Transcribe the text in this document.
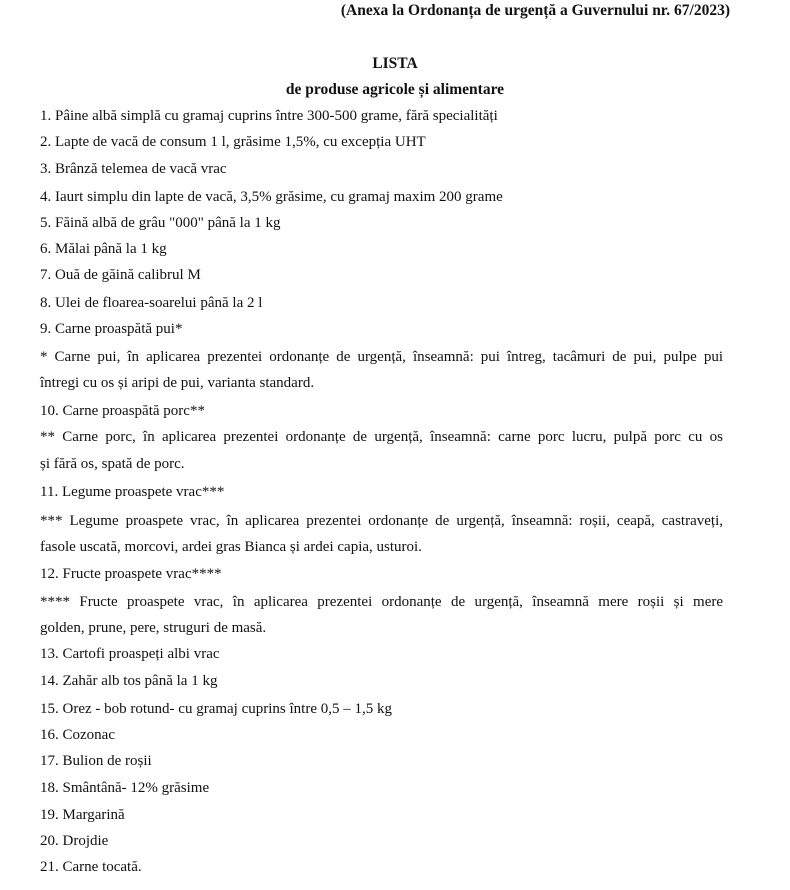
(Anexa la Ordonanța de urgență a Guvernului nr. 67/2023)
LISTA
de produse agricole și alimentare
1. Pâine albă simplă cu gramaj cuprins între 300-500 grame, fără specialități
2. Lapte de vacă de consum 1 l, grăsime 1,5%, cu excepția UHT
3. Brânză telemea de vacă vrac
4. Iaurt simplu din lapte de vacă, 3,5% grăsime, cu gramaj maxim 200 grame
5. Făină albă de grâu "000" până la 1 kg
6. Mălai până la 1 kg
7. Ouă de găină calibrul M
8. Ulei de floarea-soarelui până la 2 l
9. Carne proaspătă pui*
* Carne pui, în aplicarea prezentei ordonanțe de urgență, înseamnă: pui întreg, tacâmuri de pui, pulpe pui
întregi cu os și aripi de pui, varianta standard.
10. Carne proaspătă porc**
** Carne porc, în aplicarea prezentei ordonanțe de urgență, înseamnă: carne porc lucru, pulpă porc cu os
și fără os, spată de porc.
11. Legume proaspete vrac***
*** Legume proaspete vrac, în aplicarea prezentei ordonanțe de urgență, înseamnă: roșii, ceapă, castraveți,
fasole uscată, morcovi, ardei gras Bianca și ardei capia, usturoi.
12. Fructe proaspete vrac****
**** Fructe proaspete vrac, în aplicarea prezentei ordonanțe de urgență, înseamnă mere roșii și mere
golden, prune, pere, struguri de masă.
13. Cartofi proaspeți albi vrac
14. Zahăr alb tos până la 1 kg
15. Orez - bob rotund- cu gramaj cuprins între 0,5 – 1,5 kg
16. Cozonac
17. Bulion de roșii
18. Smântână- 12% grăsime
19. Margarină
20. Drojdie
21. Carne tocată.
